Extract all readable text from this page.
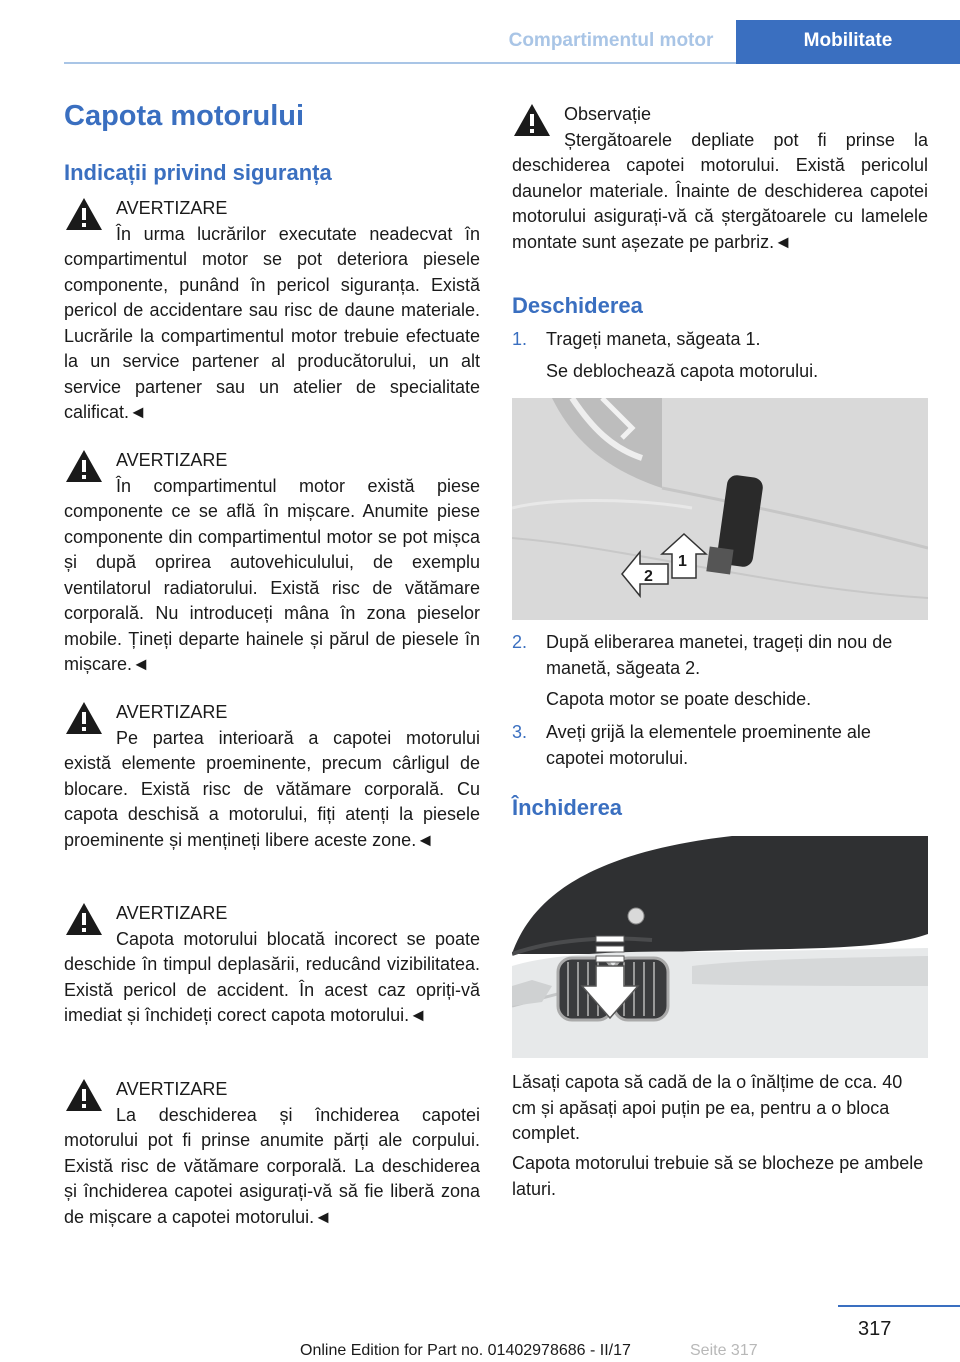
Compartimentul motor	Mobilitate
Capota motorului
Indicații privind siguranța
AVERTIZARE
În urma lucrărilor executate neadecvat în compartimentul motor se pot deteriora piesele componente, punând în pericol siguranța. Există pericol de accidentare sau risc de daune materiale. Lucrările la compartimentul motor trebuie efectuate la un service partener al producătorului, un alt service partener sau un atelier de specialitate calificat.◄
AVERTIZARE
În compartimentul motor există piese componente ce se află în mișcare. Anumite piese componente din compartimentul motor se pot mișca și după oprirea autovehiculului, de exemplu ventilatorul radiatorului. Există risc de vătămare corporală. Nu introduceți mâna în zona pieselor mobile. Țineți departe hainele și părul de piesele în mișcare.◄
AVERTIZARE
Pe partea interioară a capotei motorului există elemente proeminente, precum cârligul de blocare. Există risc de vătămare corporală. Cu capota deschisă a motorului, fiți atenți la piesele proeminente și mențineți libere aceste zone.◄
AVERTIZARE
Capota motorului blocată incorect se poate deschide în timpul deplasării, reducând vizibilitatea. Există pericol de accident. În acest caz opriți-vă imediat și închideți corect capota motorului.◄
AVERTIZARE
La deschiderea și închiderea capotei motorului pot fi prinse anumite părți ale corpului. Există risc de vătămare corporală. La deschiderea și închiderea capotei asigurați-vă să fie liberă zona de mișcare a capotei motorului.◄
Observație
Ștergătoarele depliate pot fi prinse la deschiderea capotei motorului. Există pericolul daunelor materiale. Înainte de deschiderea capotei motorului asigurați-vă că ștergătoarele cu lamelele montate sunt așezate pe parbriz.◄
Deschiderea
1. Trageți maneta, săgeata 1.
Se deblochează capota motorului.
1
2
2. După eliberarea manetei, trageți din nou de manetă, săgeata 2.
Capota motor se poate deschide.
3. Aveți grijă la elementele proeminente ale capotei motorului.
Închiderea
Lăsați capota să cadă de la o înălțime de cca. 40 cm și apăsați apoi puțin pe ea, pentru a o bloca complet.
Capota motorului trebuie să se blocheze pe ambele laturi.
317
Online Edition for Part no. 01402978686 - II/17	Seite 317
